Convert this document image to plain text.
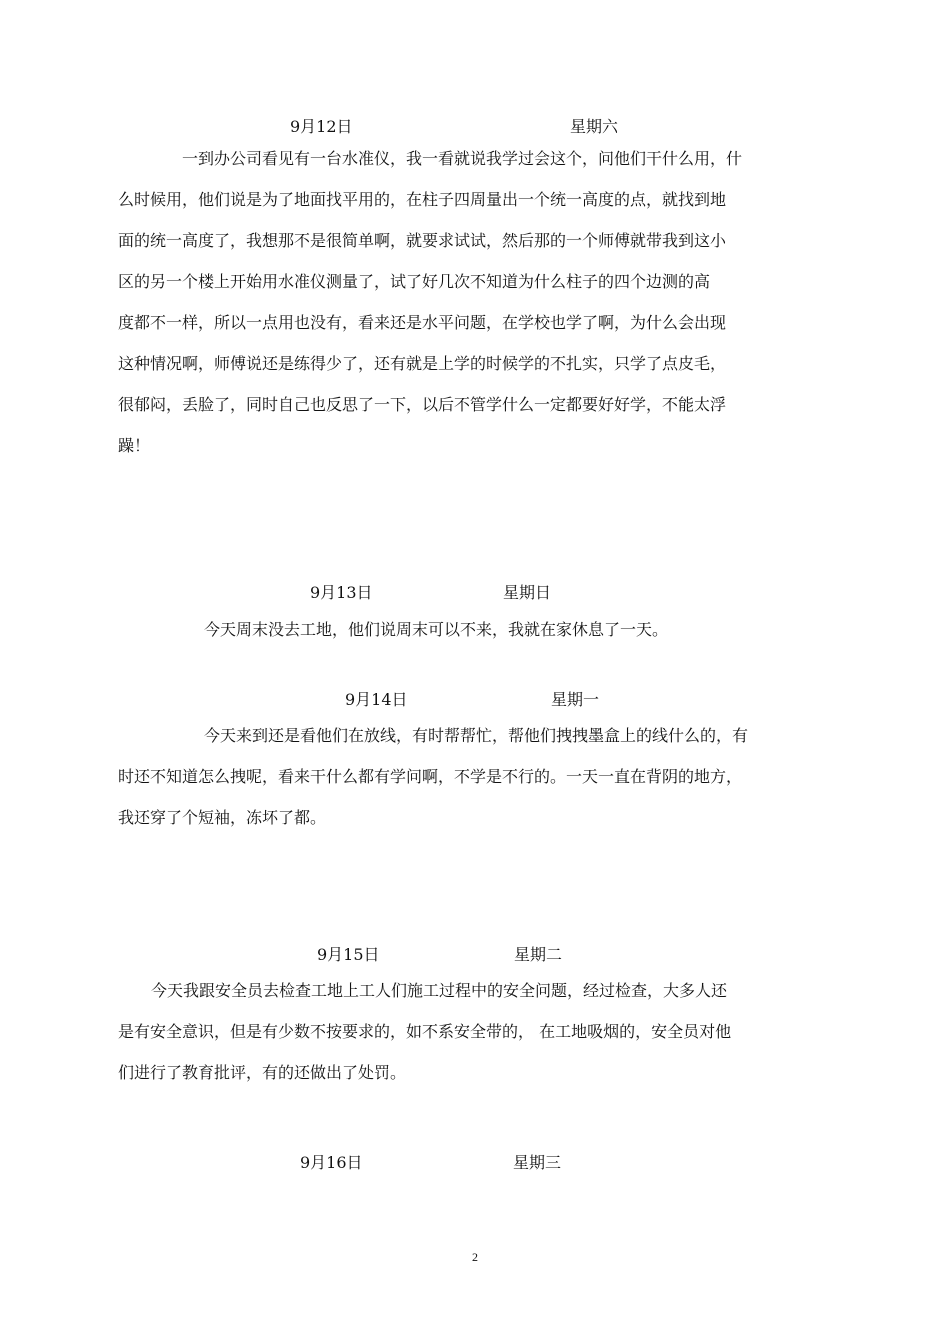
9月12日	星期六
一到办公司看见有一台水准仪，我一看就说我学过会这个，问他们干什么用，什
么时候用，他们说是为了地面找平用的，在柱子四周量出一个统一高度的点，就找到地
面的统一高度了，我想那不是很简单啊，就要求试试，然后那的一个师傅就带我到这小
区的另一个楼上开始用水准仪测量了，试了好几次不知道为什么柱子的四个边测的高
度都不一样，所以一点用也没有，看来还是水平问题，在学校也学了啊，为什么会出现
这种情况啊，师傅说还是练得少了，还有就是上学的时候学的不扎实，只学了点皮毛，
很郁闷，丢脸了，同时自己也反思了一下，以后不管学什么一定都要好好学，不能太浮
躁！
9月13日	星期日
今天周末没去工地，他们说周末可以不来，我就在家休息了一天。
9月14日	星期一
今天来到还是看他们在放线，有时帮帮忙，帮他们拽拽墨盒上的线什么的，有
时还不知道怎么拽呢，看来干什么都有学问啊，不学是不行的。一天一直在背阴的地方，
我还穿了个短袖，冻坏了都。
9月15日	星期二
今天我跟安全员去检查工地上工人们施工过程中的安全问题，经过检查，大多人还
是有安全意识，但是有少数不按要求的，如不系安全带的， 在工地吸烟的，安全员对他
们进行了教育批评，有的还做出了处罚。
9月16日	星期三
2
